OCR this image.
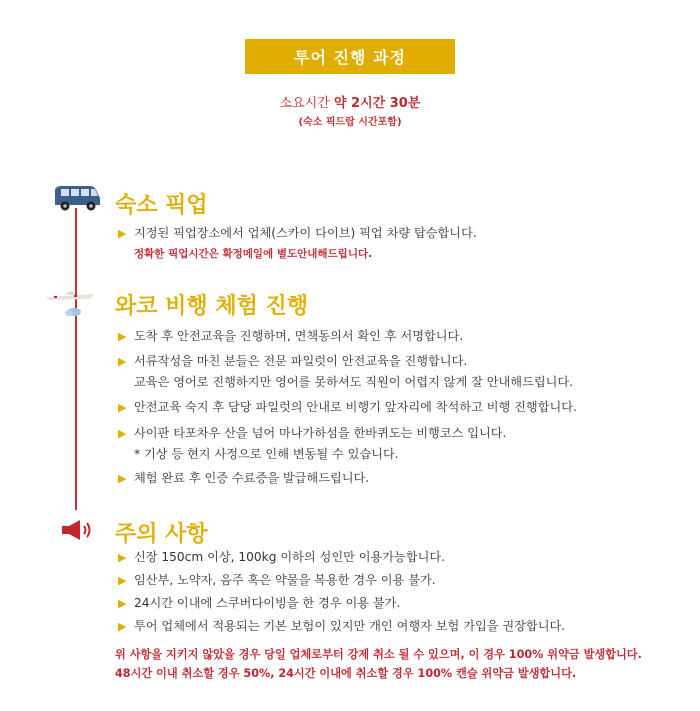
투어 진행 과정
소요시간 약 2시간 30분
(숙소 픽드랍 시간포함)
숙소 픽업
▶ 지정된 픽업장소에서 업체(스카이 다이브) 픽업 차량 탑승합니다.
정확한 픽업시간은 확정메일에 별도안내해드립니다.
와코 비행 체험 진행
▶ 도착 후 안전교육을 진행하며, 면책동의서 확인 후 서명합니다.
▶ 서류작성을 마친 분들은 전문 파일럿이 안전교육을 진행합니다.
교육은 영어로 진행하지만 영어를 못하셔도 직원이 어렵지 않게 잘 안내해드립니다.
▶ 안전교육 숙지 후 담당 파일럿의 안내로 비행기 앞자리에 착석하고 비행 진행합니다.
▶ 사이판 타포차우 산을 넘어 마나가하섬을 한바퀴도는 비행코스 입니다.
* 기상 등 현지 사정으로 인해 변동될 수 있습니다.
▶ 체험 완료 후 인증 수료증을 발급해드립니다.
주의 사항
▶ 신장 150cm 이상, 100kg 이하의 성인만 이용가능합니다.
▶ 임산부, 노약자, 음주 혹은 약물을 복용한 경우 이용 불가.
▶ 24시간 이내에 스쿠버다이빙을 한 경우 이용 불가.
▶ 투어 업체에서 적용되는 기본 보험이 있지만 개인 여행자 보험 가입을 권장합니다.
위 사항을 지키지 않았을 경우 당일 업체로부터 강제 취소 될 수 있으며, 이 경우 100% 위약금 발생합니다.
48시간 이내 취소할 경우 50%, 24시간 이내에 취소할 경우 100% 캔슬 위약금 발생합니다.
